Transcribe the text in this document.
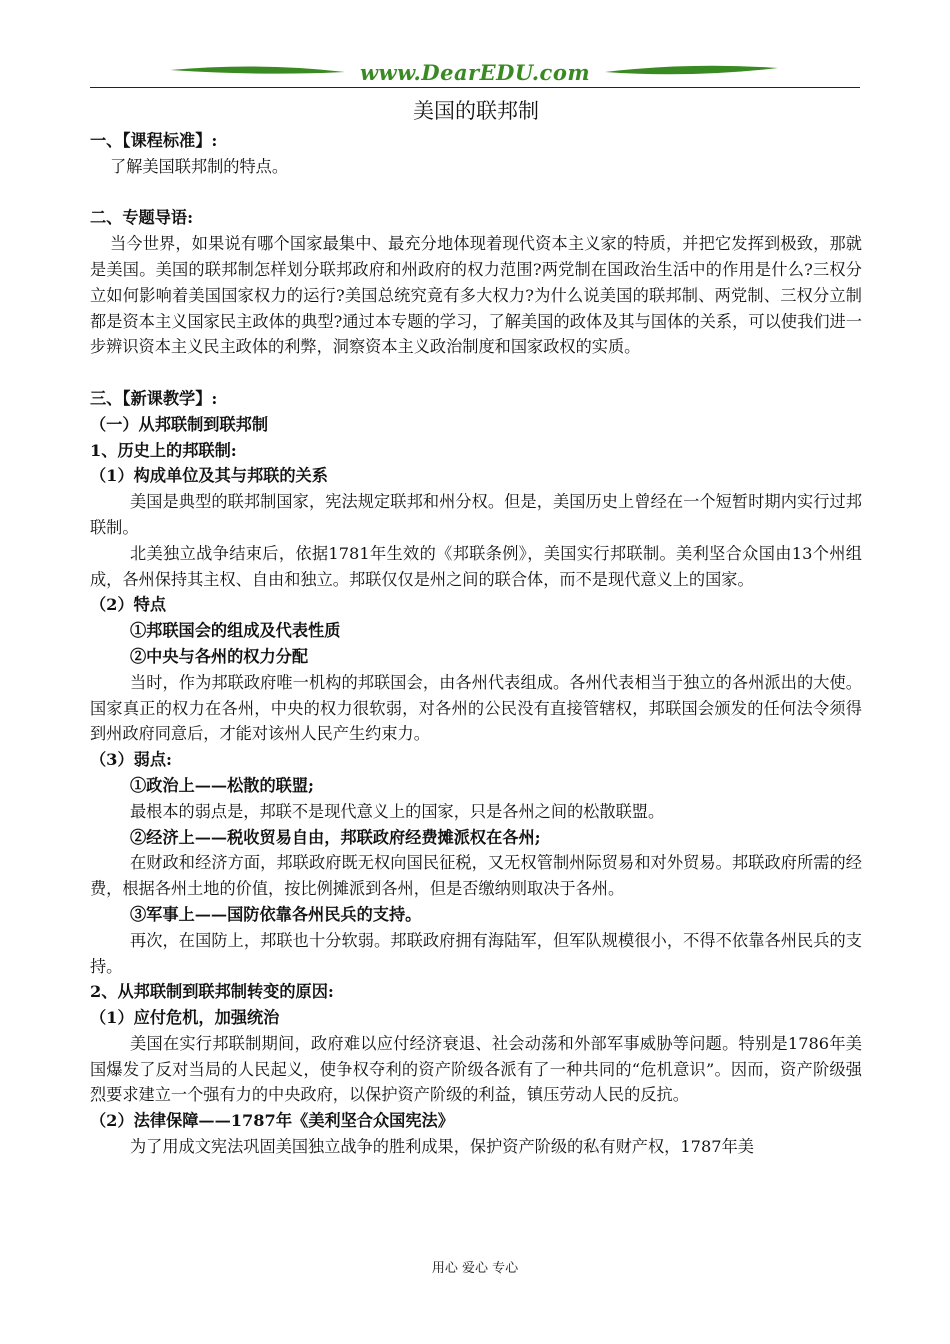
www.DearEDU.com
美国的联邦制

一、【课程标准】:

了解美国联邦制的特点。

二、专题导语:

当今世界，如果说有哪个国家最集中、最充分地体现着现代资本主义家的特质，并把它发挥到极致，那就是美国。美国的联邦制怎样划分联邦政府和州政府的权力范围?两党制在国政治生活中的作用是什么?三权分立如何影响着美国国家权力的运行?美国总统究竟有多大权力?为什么说美国的联邦制、两党制、三权分立制都是资本主义国家民主政体的典型?通过本专题的学习，了解美国的政体及其与国体的关系，可以使我们进一步辨识资本主义民主政体的利弊，洞察资本主义政治制度和国家政权的实质。

三、【新课教学】:

（一）从邦联制到联邦制

1、历史上的邦联制:

（1）构成单位及其与邦联的关系

美国是典型的联邦制国家，宪法规定联邦和州分权。但是，美国历史上曾经在一个短暂时期内实行过邦联制。

北美独立战争结束后，依据1781年生效的《邦联条例》，美国实行邦联制。美利坚合众国由13个州组成，各州保持其主权、自由和独立。邦联仅仅是州之间的联合体，而不是现代意义上的国家。

（2）特点

①邦联国会的组成及代表性质

②中央与各州的权力分配

当时，作为邦联政府唯一机构的邦联国会，由各州代表组成。各州代表相当于独立的各州派出的大使。国家真正的权力在各州，中央的权力很软弱，对各州的公民没有直接管辖权，邦联国会颁发的任何法令须得到州政府同意后，才能对该州人民产生约束力。

（3）弱点:

①政治上——松散的联盟;

最根本的弱点是，邦联不是现代意义上的国家，只是各州之间的松散联盟。

②经济上——税收贸易自由，邦联政府经费摊派权在各州;

在财政和经济方面，邦联政府既无权向国民征税，又无权管制州际贸易和对外贸易。邦联政府所需的经费，根据各州土地的价值，按比例摊派到各州，但是否缴纳则取决于各州。

③军事上——国防依靠各州民兵的支持。

再次，在国防上，邦联也十分软弱。邦联政府拥有海陆军，但军队规模很小，不得不依靠各州民兵的支持。

2、从邦联制到联邦制转变的原因:

（1）应付危机，加强统治

美国在实行邦联制期间，政府难以应付经济衰退、社会动荡和外部军事威胁等问题。特别是1786年美国爆发了反对当局的人民起义，使争权夺利的资产阶级各派有了一种共同的“危机意识”。因而，资产阶级强烈要求建立一个强有力的中央政府，以保护资产阶级的利益，镇压劳动人民的反抗。

（2）法律保障——1787年《美利坚合众国宪法》

为了用成文宪法巩固美国独立战争的胜利成果，保护资产阶级的私有财产权，1787年美

用心 爱心 专心
